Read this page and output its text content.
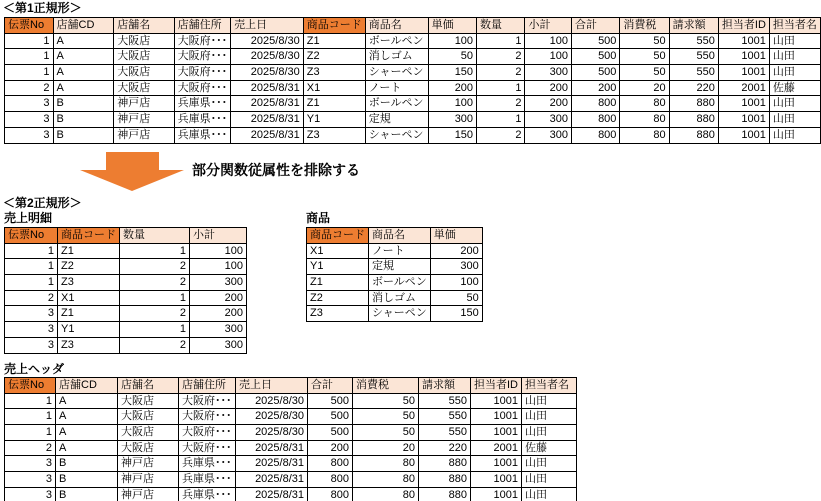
＜第1正規形＞
伝票No	店舗CD	店舗名	店舗住所	売上日	商品コード	商品名	単価	数量	小計	合計	消費税	請求額	担当者ID	担当者名
1	A	大阪店	大阪府･･･	2025/8/30	Z1	ボールペン	100	1	100	500	50	550	1001	山田
1	A	大阪店	大阪府･･･	2025/8/30	Z2	消しゴム	50	2	100	500	50	550	1001	山田
1	A	大阪店	大阪府･･･	2025/8/30	Z3	シャーペン	150	2	300	500	50	550	1001	山田
2	A	大阪店	大阪府･･･	2025/8/31	X1	ノート	200	1	200	200	20	220	2001	佐藤
3	B	神戸店	兵庫県･･･	2025/8/31	Z1	ボールペン	100	2	200	800	80	880	1001	山田
3	B	神戸店	兵庫県･･･	2025/8/31	Y1	定規	300	1	300	800	80	880	1001	山田
3	B	神戸店	兵庫県･･･	2025/8/31	Z3	シャーペン	150	2	300	800	80	880	1001	山田
部分関数従属性を排除する
＜第2正規形＞
売上明細
伝票No	商品コード	数量	小計
1	Z1	1	100
1	Z2	2	100
1	Z3	2	300
2	X1	1	200
3	Z1	2	200
3	Y1	1	300
3	Z3	2	300
商品
商品コード	商品名	単価
X1	ノート	200
Y1	定規	300
Z1	ボールペン	100
Z2	消しゴム	50
Z3	シャーペン	150
売上ヘッダ
伝票No	店舗CD	店舗名	店舗住所	売上日	合計	消費税	請求額	担当者ID	担当者名
1	A	大阪店	大阪府･･･	2025/8/30	500	50	550	1001	山田
1	A	大阪店	大阪府･･･	2025/8/30	500	50	550	1001	山田
1	A	大阪店	大阪府･･･	2025/8/30	500	50	550	1001	山田
2	A	大阪店	大阪府･･･	2025/8/31	200	20	220	2001	佐藤
3	B	神戸店	兵庫県･･･	2025/8/31	800	80	880	1001	山田
3	B	神戸店	兵庫県･･･	2025/8/31	800	80	880	1001	山田
3	B	神戸店	兵庫県･･･	2025/8/31	800	80	880	1001	山田
